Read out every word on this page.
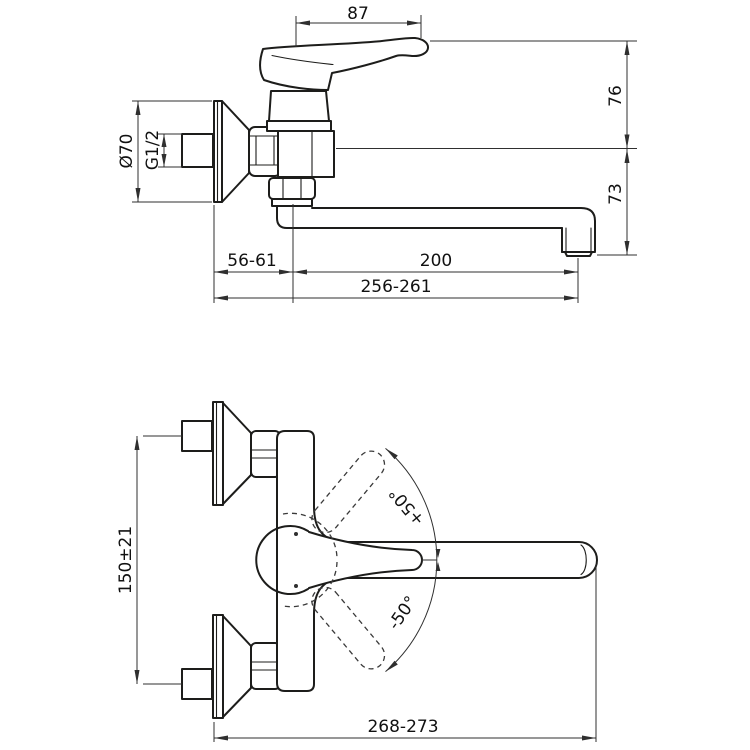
87
Ø70 G1/2
76
73
56-61	200
256-261
+50°
-50°
150±21
268-273
